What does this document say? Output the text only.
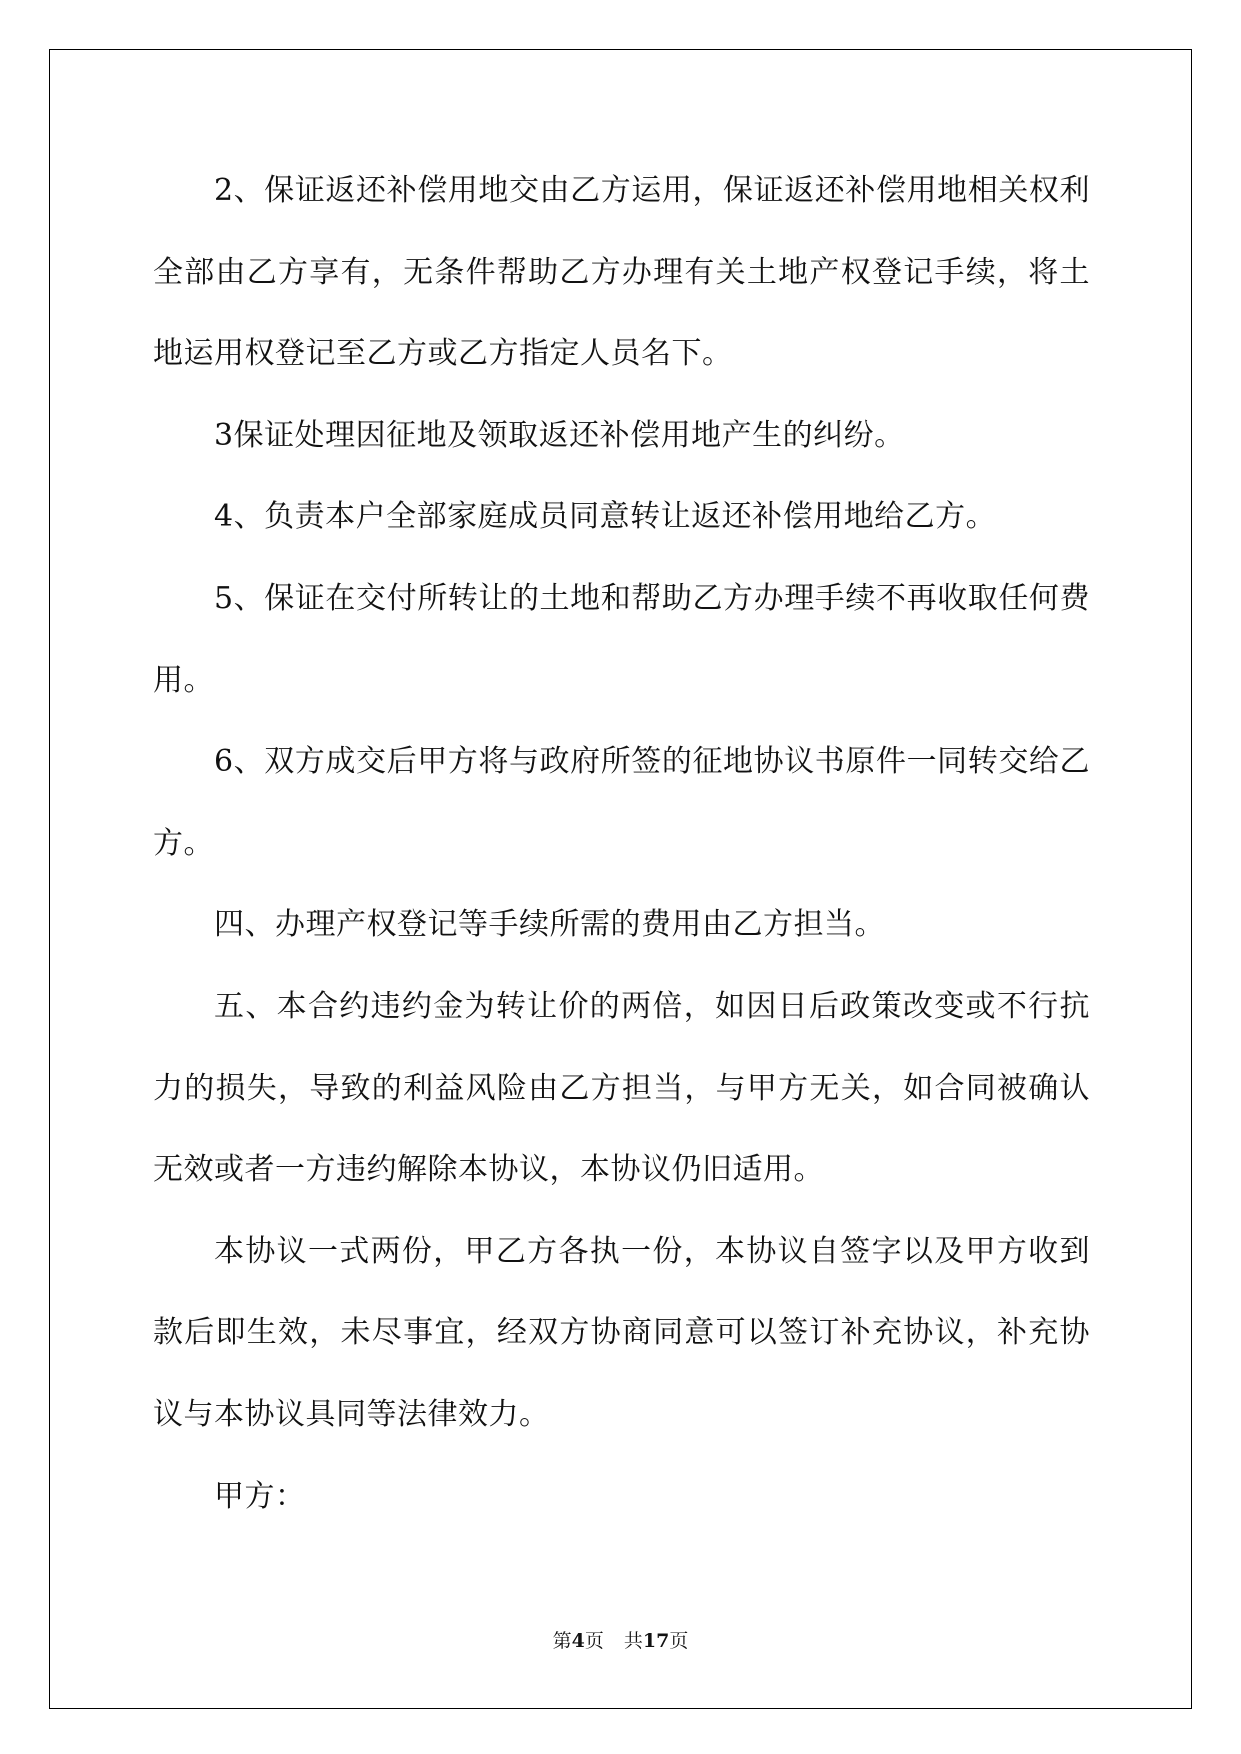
2、保证返还补偿用地交由乙方运用，保证返还补偿用地相关权利
全部由乙方享有，无条件帮助乙方办理有关土地产权登记手续，将土
地运用权登记至乙方或乙方指定人员名下。
3保证处理因征地及领取返还补偿用地产生的纠纷。
4、负责本户全部家庭成员同意转让返还补偿用地给乙方。
5、保证在交付所转让的土地和帮助乙方办理手续不再收取任何费
用。
6、双方成交后甲方将与政府所签的征地协议书原件一同转交给乙
方。
四、办理产权登记等手续所需的费用由乙方担当。
五、本合约违约金为转让价的两倍，如因日后政策改变或不行抗
力的损失，导致的利益风险由乙方担当，与甲方无关，如合同被确认
无效或者一方违约解除本协议，本协议仍旧适用。
本协议一式两份，甲乙方各执一份，本协议自签字以及甲方收到
款后即生效，未尽事宜，经双方协商同意可以签订补充协议，补充协
议与本协议具同等法律效力。
甲方：
第4页 共17页
